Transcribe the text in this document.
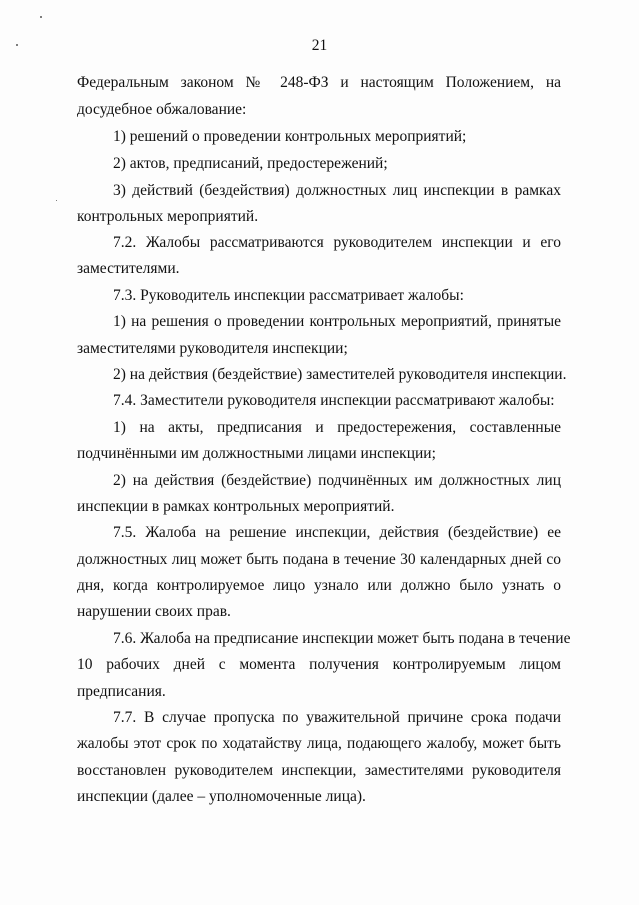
21
Федеральным законом № 248-ФЗ и настоящим Положением, на
досудебное обжалование:
1) решений о проведении контрольных мероприятий;
2) актов, предписаний, предостережений;
3) действий (бездействия) должностных лиц инспекции в рамках
контрольных мероприятий.
7.2. Жалобы рассматриваются руководителем инспекции и его
заместителями.
7.3. Руководитель инспекции рассматривает жалобы:
1) на решения о проведении контрольных мероприятий, принятые
заместителями руководителя инспекции;
2) на действия (бездействие) заместителей руководителя инспекции.
7.4. Заместители руководителя инспекции рассматривают жалобы:
1) на акты, предписания и предостережения, составленные
подчинёнными им должностными лицами инспекции;
2) на действия (бездействие) подчинённых им должностных лиц
инспекции в рамках контрольных мероприятий.
7.5. Жалоба на решение инспекции, действия (бездействие) ее
должностных лиц может быть подана в течение 30 календарных дней со
дня, когда контролируемое лицо узнало или должно было узнать о
нарушении своих прав.
7.6. Жалоба на предписание инспекции может быть подана в течение
10 рабочих дней с момента получения контролируемым лицом
предписания.
7.7. В случае пропуска по уважительной причине срока подачи
жалобы этот срок по ходатайству лица, подающего жалобу, может быть
восстановлен руководителем инспекции, заместителями руководителя
инспекции (далее – уполномоченные лица).
